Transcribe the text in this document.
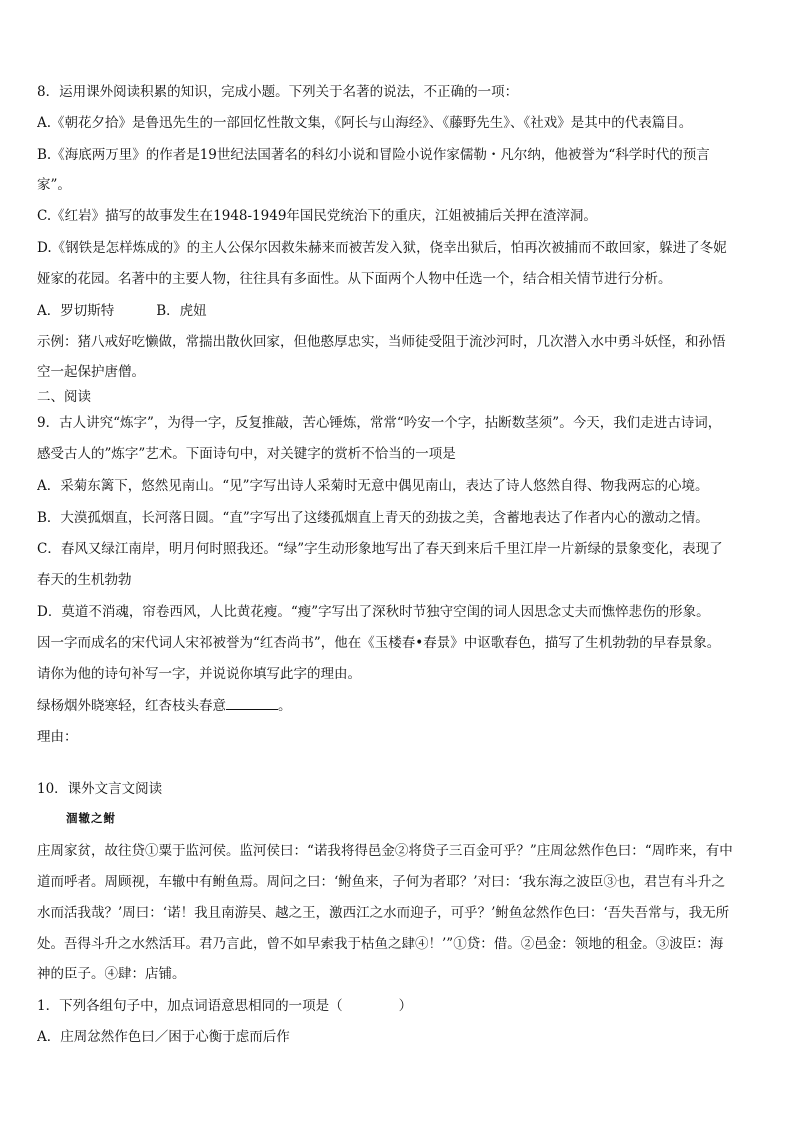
8．运用课外阅读积累的知识，完成小题。下列关于名著的说法，不正确的一项：
A.《朝花夕拾》是鲁迅先生的一部回忆性散文集，《阿长与山海经》、《藤野先生》、《社戏》是其中的代表篇目。
B.《海底两万里》的作者是19世纪法国著名的科幻小说和冒险小说作家儒勒・凡尔纳，他被誉为“科学时代的预言
家”。
C.《红岩》描写的故事发生在1948-1949年国民党统治下的重庆，江姐被捕后关押在渣滓洞。
D.《钢铁是怎样炼成的》的主人公保尔因救朱赫来而被苦发入狱，侥幸出狱后，怕再次被捕而不敢回家，躲进了冬妮
娅家的花园。名著中的主要人物，往往具有多面性。从下面两个人物中任选一个，结合相关情节进行分析。
A．罗切斯特	B．虎妞
示例：猪八戒好吃懒做，常揣出散伙回家，但他憨厚忠实，当师徒受阻于流沙河时，几次潜入水中勇斗妖怪，和孙悟
空一起保护唐僧。
二、阅读
9．古人讲究“炼字”，为得一字，反复推敲，苦心锤炼，常常“吟安一个字，拈断数茎须”。今天，我们走进古诗词，
感受古人的”炼字”艺术。下面诗句中，对关键字的赏析不恰当的一项是
A．采菊东篱下，悠然见南山。“见”字写出诗人采菊时无意中偶见南山，表达了诗人悠然自得、物我两忘的心境。
B．大漠孤烟直，长河落日圆。“直”字写出了这缕孤烟直上青天的劲拔之美，含蓄地表达了作者内心的激动之情。
C．春风又绿江南岸，明月何时照我还。“绿”字生动形象地写出了春天到来后千里江岸一片新绿的景象变化，表现了
春天的生机勃勃
D．莫道不消魂，帘卷西风，人比黄花瘦。“瘦”字写出了深秋时节独守空闺的词人因思念丈夫而憔悴悲伤的形象。
因一字而成名的宋代词人宋祁被誉为“红杏尚书”，他在《玉楼春•春景》中讴歌春色，描写了生机勃勃的早春景象。
请你为他的诗句补写一字，并说说你填写此字的理由。
绿杨烟外晓寒轻，红杏枝头春意	。
理由：
10．课外文言文阅读
涸辙之鲋
庄周家贫，故往贷①粟于监河侯。监河侯曰：“诺我将得邑金②将贷子三百金可乎？”庄周忿然作色曰：“周昨来，有中
道而呼者。周顾视，车辙中有鲋鱼焉。周问之曰：‘鲋鱼来，子何为者耶？’对曰：‘我东海之波臣③也，君岂有斗升之
水而活我哉？’周曰：‘诺！我且南游吴、越之王，激西江之水而迎子，可乎？’鲋鱼忿然作色曰：‘吾失吾常与，我无所
处。吾得斗升之水然活耳。君乃言此，曾不如早索我于枯鱼之肆④！’”①贷：借。②邑金：领地的租金。③波臣：海
神的臣子。④肆：店铺。
1．下列各组句子中，加点词语意思相同的一项是（	）
A．庄周忿然作色曰／困于心衡于虑而后作
